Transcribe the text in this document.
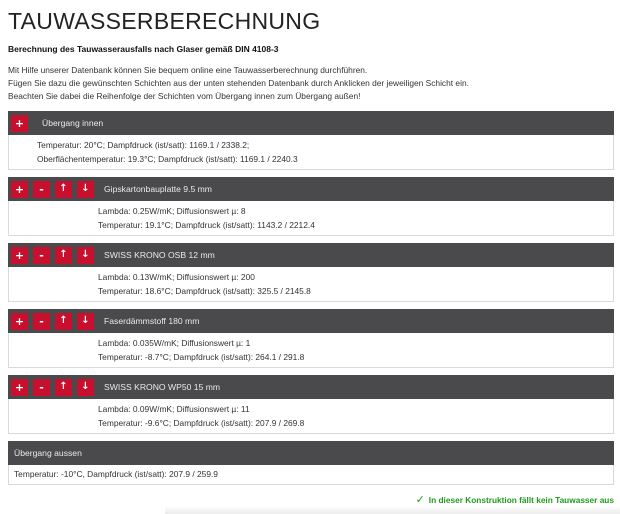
TAUWASSERBERECHNUNG
Berechnung des Tauwasserausfalls nach Glaser gemäß DIN 4108-3
Mit Hilfe unserer Datenbank können Sie bequem online eine Tauwasserberechnung durchführen.
Fügen Sie dazu die gewünschten Schichten aus der unten stehenden Datenbank durch Anklicken der jeweiligen Schicht ein.
Beachten Sie dabei die Reihenfolge der Schichten vom Übergang innen zum Übergang außen!
+	Übergang innen
Temperatur: 20°C; Dampfdruck (ist/satt): 1169.1 / 2338.2;
Oberflächentemperatur: 19.3°C; Dampfdruck (ist/satt): 1169.1 / 2240.3
+	-	↑	↓	Gipskartonbauplatte 9.5 mm
Lambda: 0.25W/mK; Diffusionswert µ: 8
Temperatur: 19.1°C; Dampfdruck (ist/satt): 1143.2 / 2212.4
+	-	↑	↓	SWISS KRONO OSB 12 mm
Lambda: 0.13W/mK; Diffusionswert µ: 200
Temperatur: 18.6°C; Dampfdruck (ist/satt): 325.5 / 2145.8
+	-	↑	↓	Faserdämmstoff 180 mm
Lambda: 0.035W/mK; Diffusionswert µ: 1
Temperatur: -8.7°C; Dampfdruck (ist/satt): 264.1 / 291.8
+	-	↑	↓	SWISS KRONO WP50 15 mm
Lambda: 0.09W/mK; Diffusionswert µ: 11
Temperatur: -9.6°C; Dampfdruck (ist/satt): 207.9 / 269.8
Übergang aussen
Temperatur: -10°C, Dampfdruck (ist/satt): 207.9 / 259.9
✓ In dieser Konstruktion fällt kein Tauwasser aus
